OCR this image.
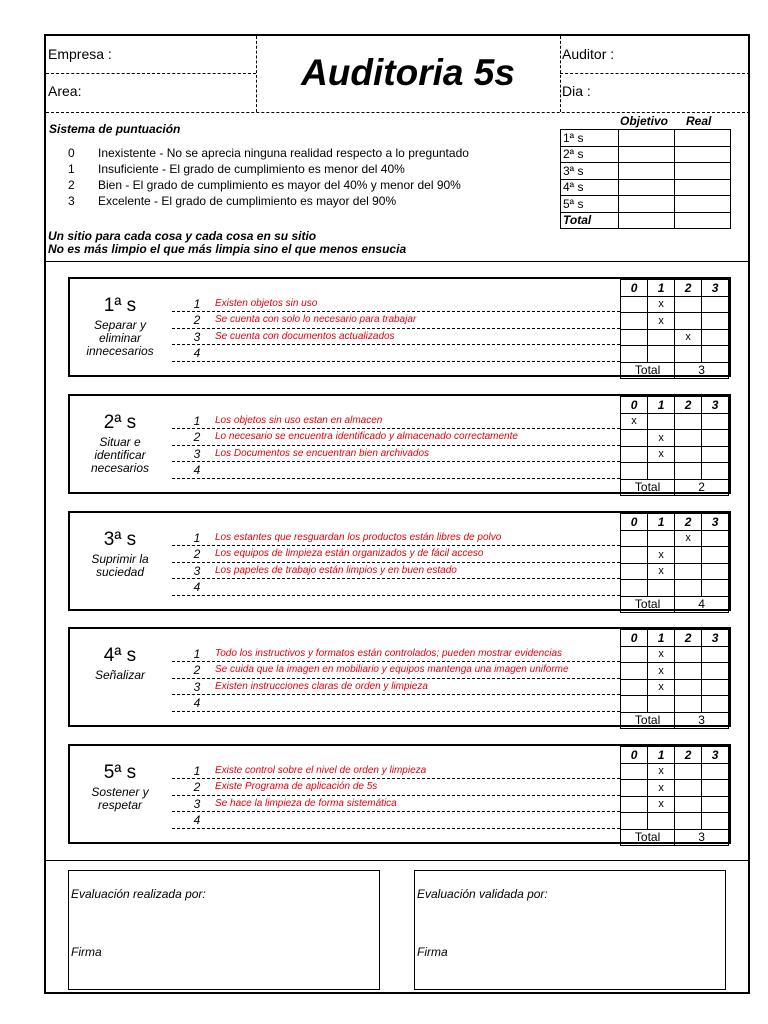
Empresa :
Area:	Auditoria 5s	Auditor :
Dia :
Sistema de puntuación
0 Inexistente - No se aprecia ninguna realidad respecto a lo preguntado
1 Insuficiente - El grado de cumplimiento es menor del 40%
2 Bien - El grado de cumplimiento es mayor del 40% y menor del 90%
3 Excelente - El grado de cumplimiento es mayor del 90%
Un sitio para cada cosa y cada cosa en su sitio
No es más limpio el que más limpia sino el que menos ensucia
Objetivo Real
1ª s		
2ª s		
3ª s		
4ª s		
5ª s		
Total		
1ª s
Separar y eliminar innecesarios
1	Existen objetos sin uso
2	Se cuenta con solo lo necesario para trabajar
3	Se cuenta con documentos actualizados
4
0	1	2	3
	x		
	x		
		x	

Total		3	
2ª s
Situar e identificar necesarios
1	Los objetos sin uso estan en almacen
2	Lo necesario se encuentra identificado y almacenado correctamente
3	Los Documentos se encuentran bien archivados
4
0	1	2	3
x			
	x		
	x		

Total		2	
3ª s
Suprimir la suciedad
1	Los estantes que resguardan los productos están libres de polvo
2	Los equipos de limpieza están organizados y de fácil acceso
3	Los papeles de trabajo están limpios y en buen estado
4
0	1	2	3
		x	
	x		
	x		

Total		4	
4ª s
Señalizar
1	Todo los instructivos y formatos están controlados; pueden mostrar evidencias
2	Se cuida que la imagen en mobiliario y equipos mantenga una imagen uniforme
3	Existen instrucciones claras de orden y limpieza
4
0	1	2	3
	x		
	x		
	x		

Total		3	
5ª s
Sostener y respetar
1	Existe control sobre el nivel de orden y limpieza
2	Existe Programa de aplicación de 5s
3	Se hace la limpieza de forma sistemática
4
0	1	2	3
	x		
	x		
	x		

Total		3	
Evaluación realizada por:
Firma
Evaluación validada por:
Firma
